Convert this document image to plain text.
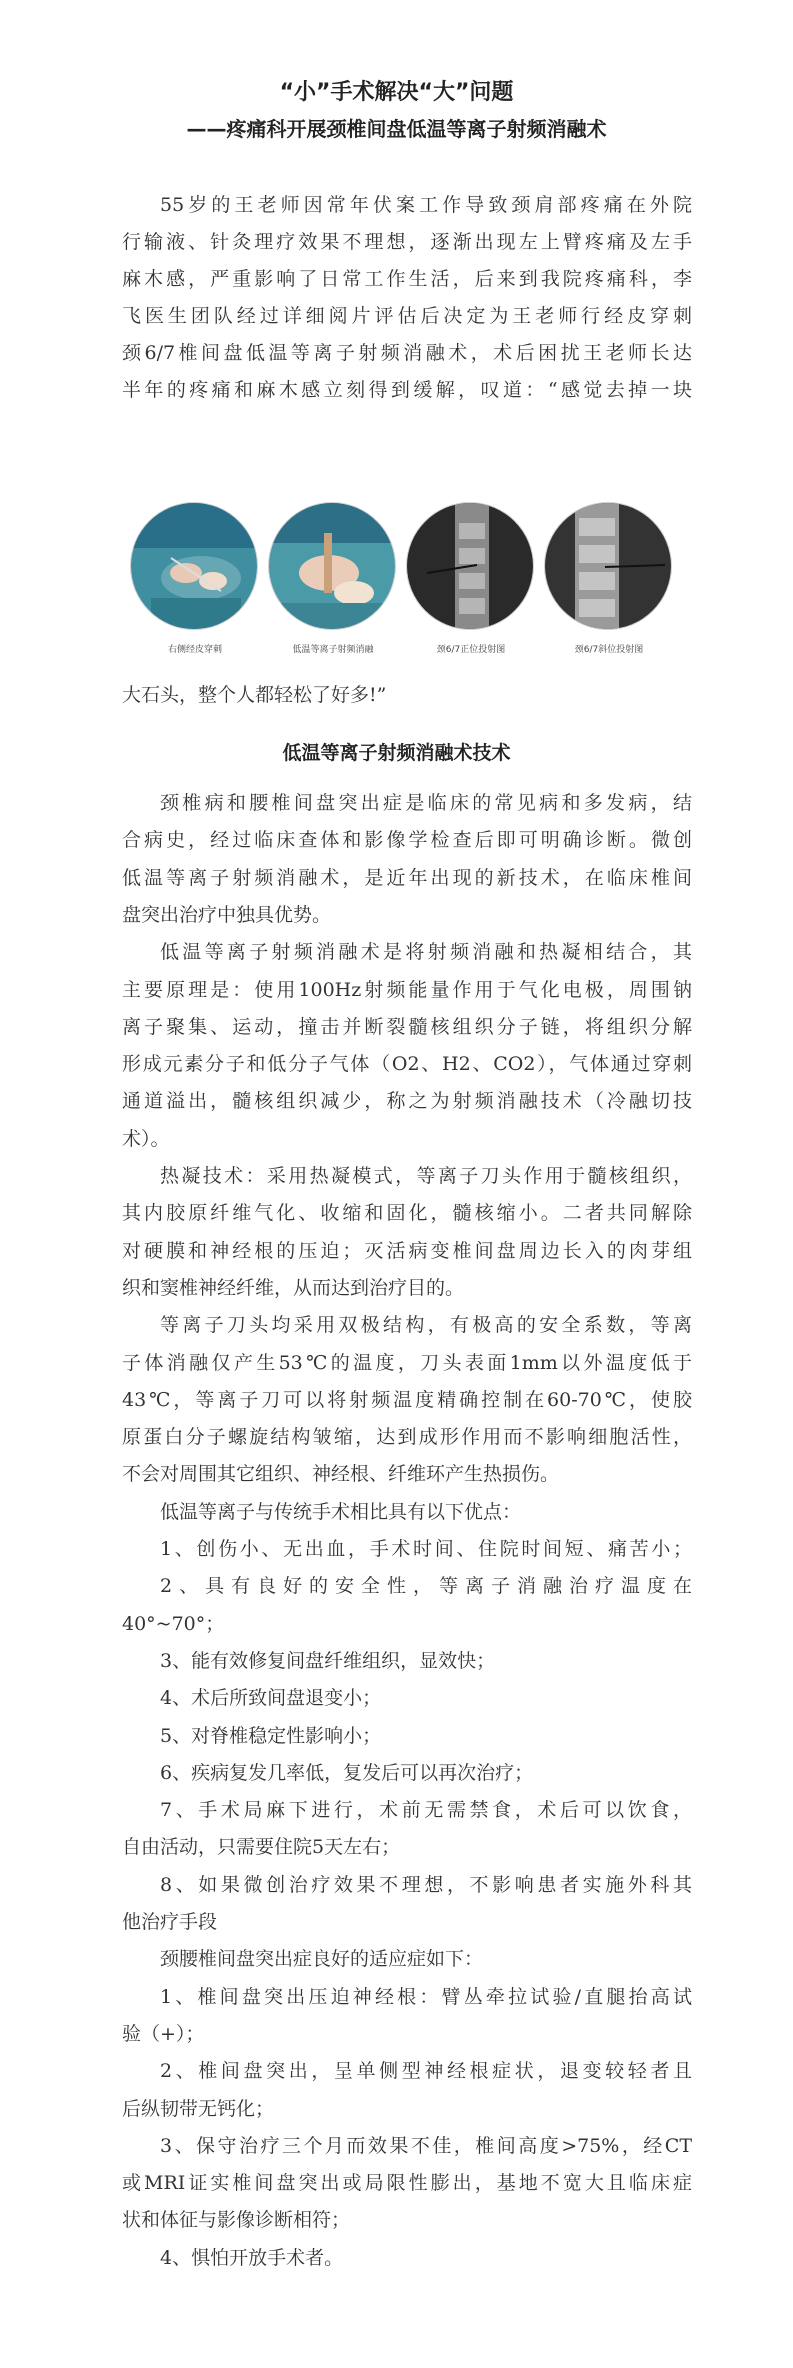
“小”手术解决“大”问题
——疼痛科开展颈椎间盘低温等离子射频消融术
55岁的王老师因常年伏案工作导致颈肩部疼痛在外院
行输液、针灸理疗效果不理想，逐渐出现左上臂疼痛及左手
麻木感，严重影响了日常工作生活，后来到我院疼痛科，李
飞医生团队经过详细阅片评估后决定为王老师行经皮穿刺
颈6/7椎间盘低温等离子射频消融术，术后困扰王老师长达
半年的疼痛和麻木感立刻得到缓解，叹道：“感觉去掉一块
右侧经皮穿刺	低温等离子射频消融	颈6/7正位投射图	颈6/7斜位投射图
大石头，整个人都轻松了好多!”
低温等离子射频消融术技术
颈椎病和腰椎间盘突出症是临床的常见病和多发病，结
合病史，经过临床查体和影像学检查后即可明确诊断。微创
低温等离子射频消融术，是近年出现的新技术，在临床椎间
盘突出治疗中独具优势。
低温等离子射频消融术是将射频消融和热凝相结合，其
主要原理是：使用100Hz射频能量作用于气化电极，周围钠
离子聚集、运动，撞击并断裂髓核组织分子链，将组织分解
形成元素分子和低分子气体（O2、H2、CO2），气体通过穿刺
通道溢出，髓核组织减少，称之为射频消融技术（冷融切技
术）。
热凝技术：采用热凝模式，等离子刀头作用于髓核组织，
其内胶原纤维气化、收缩和固化，髓核缩小。二者共同解除
对硬膜和神经根的压迫；灭活病变椎间盘周边长入的肉芽组
织和窦椎神经纤维，从而达到治疗目的。
等离子刀头均采用双极结构，有极高的安全系数，等离
子体消融仅产生53℃的温度，刀头表面1mm以外温度低于
43℃，等离子刀可以将射频温度精确控制在60-70℃，使胶
原蛋白分子螺旋结构皱缩，达到成形作用而不影响细胞活性，
不会对周围其它组织、神经根、纤维环产生热损伤。
低温等离子与传统手术相比具有以下优点：
1、创伤小、无出血，手术时间、住院时间短、痛苦小；
2、具有良好的安全性，等离子消融治疗温度在
40°~70°；
3、能有效修复间盘纤维组织，显效快；
4、术后所致间盘退变小；
5、对脊椎稳定性影响小；
6、疾病复发几率低，复发后可以再次治疗；
7、手术局麻下进行，术前无需禁食，术后可以饮食，
自由活动，只需要住院5天左右；
8、如果微创治疗效果不理想，不影响患者实施外科其
他治疗手段
颈腰椎间盘突出症良好的适应症如下：
1、椎间盘突出压迫神经根：臂丛牵拉试验/直腿抬高试
验（+）；
2、椎间盘突出，呈单侧型神经根症状，退变较轻者且
后纵韧带无钙化；
3、保守治疗三个月而效果不佳，椎间高度>75%，经CT
或MRI证实椎间盘突出或局限性膨出，基地不宽大且临床症
状和体征与影像诊断相符；
4、惧怕开放手术者。
